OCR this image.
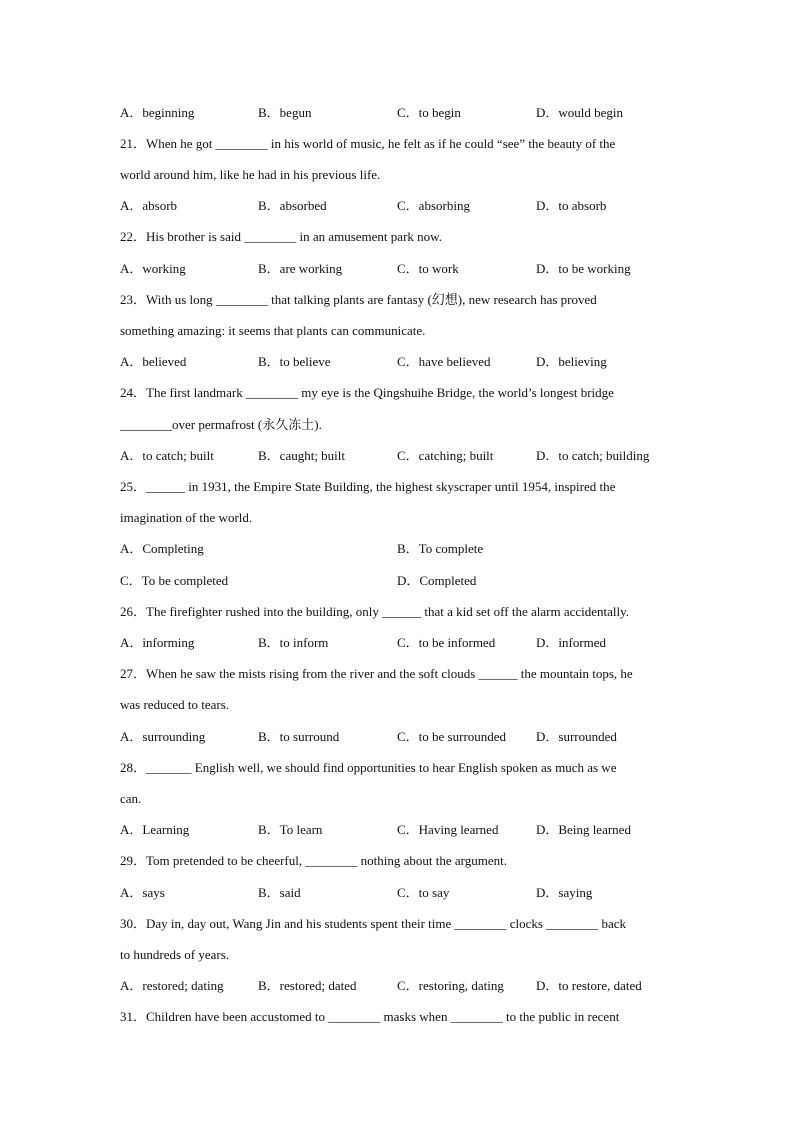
A．beginning	B．begun	C．to begin	D．would begin
21．When he got ________ in his world of music, he felt as if he could “see” the beauty of the
world around him, like he had in his previous life.
A．absorb	B．absorbed	C．absorbing	D．to absorb
22．His brother is said ________ in an amusement park now.
A．working	B．are working	C．to work	D．to be working
23．With us long ________ that talking plants are fantasy (幻想), new research has proved
something amazing: it seems that plants can communicate.
A．believed	B．to believe	C．have believed	D．believing
24．The first landmark ________ my eye is the Qingshuihe Bridge, the world’s longest bridge
________over permafrost (永久冻土).
A．to catch; built	B．caught; built	C．catching; built	D．to catch; building
25．______ in 1931, the Empire State Building, the highest skyscraper until 1954, inspired the
imagination of the world.
A．Completing	B．To complete
C．To be completed	D．Completed
26．The firefighter rushed into the building, only ______ that a kid set off the alarm accidentally.
A．informing	B．to inform	C．to be informed	D．informed
27．When he saw the mists rising from the river and the soft clouds ______ the mountain tops, he
was reduced to tears.
A．surrounding	B．to surround	C．to be surrounded D．surrounded
28．_______ English well, we should find opportunities to hear English spoken as much as we
can.
A．Learning	B．To learn	C．Having learned	D．Being learned
29．Tom pretended to be cheerful, ________ nothing about the argument.
A．says	B．said	C．to say	D．saying
30．Day in, day out, Wang Jin and his students spent their time ________ clocks ________ back
to hundreds of years.
A．restored; dating	B．restored; dated	C．restoring, dating D．to restore, dated
31．Children have been accustomed to ________ masks when ________ to the public in recent
